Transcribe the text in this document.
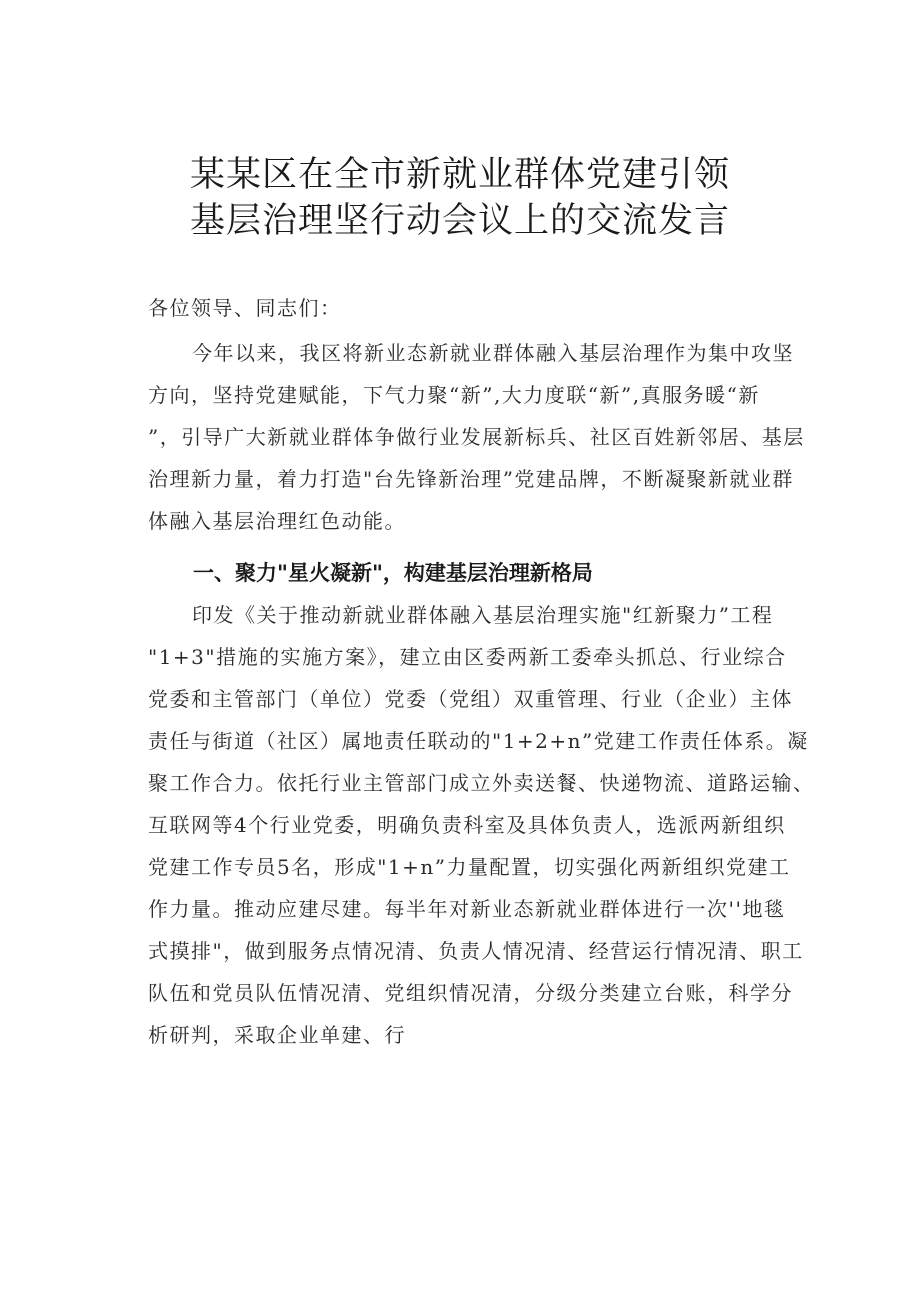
某某区在全市新就业群体党建引领
基层治理坚行动会议上的交流发言
各位领导、同志们：
今年以来，我区将新业态新就业群体融入基层治理作为集中攻坚
方向，坚持党建赋能，下气力聚“新”,大力度联“新”,真服务暖“新
”，引导广大新就业群体争做行业发展新标兵、社区百姓新邻居、基层
治理新力量，着力打造"台先锋新治理”党建品牌，不断凝聚新就业群
体融入基层治理红色动能。
一、聚力"星火凝新"，构建基层治理新格局
印发《关于推动新就业群体融入基层治理实施"红新聚力”工程
"1+3"措施的实施方案》，建立由区委两新工委牵头抓总、行业综合
党委和主管部门（单位）党委（党组）双重管理、行业（企业）主体
责任与街道（社区）属地责任联动的"1+2+n”党建工作责任体系。凝
聚工作合力。依托行业主管部门成立外卖送餐、快递物流、道路运输、
互联网等4个行业党委，明确负责科室及具体负责人，选派两新组织
党建工作专员5名，形成"1+n”力量配置，切实强化两新组织党建工
作力量。推动应建尽建。每半年对新业态新就业群体进行一次''地毯
式摸排"，做到服务点情况清、负责人情况清、经营运行情况清、职工
队伍和党员队伍情况清、党组织情况清，分级分类建立台账，科学分
析研判，采取企业单建、行
